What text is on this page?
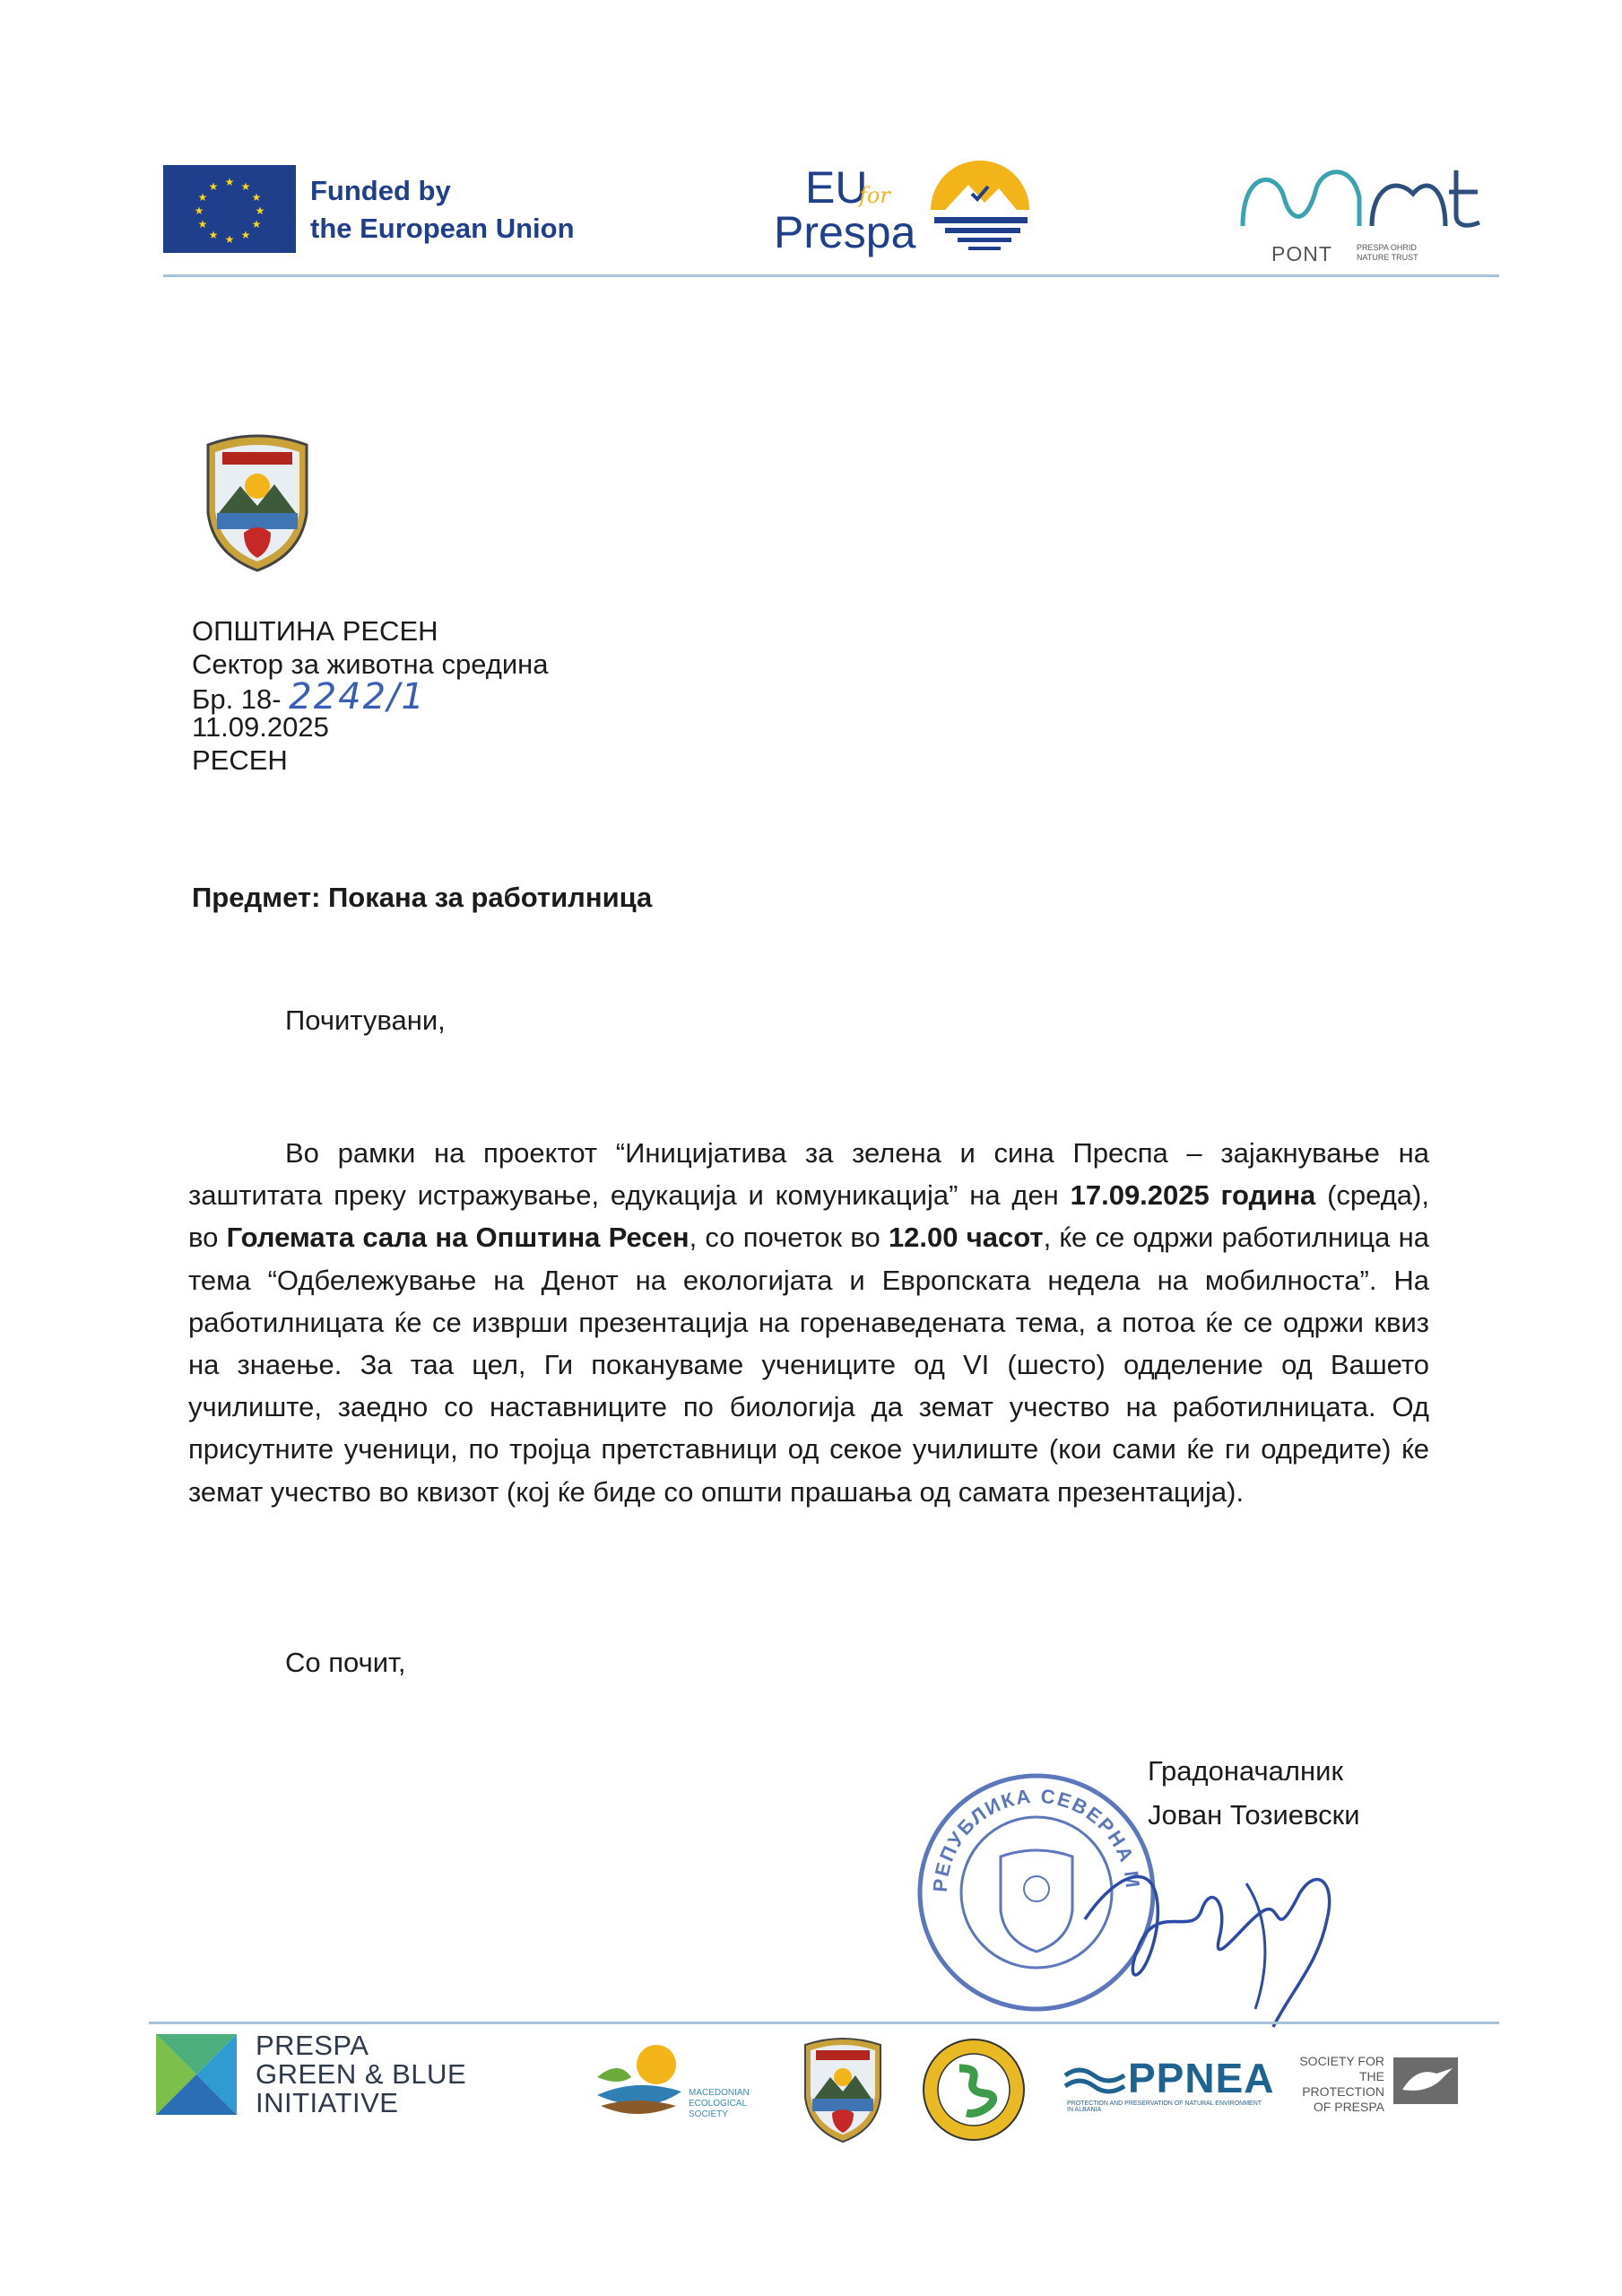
★ ★
★
★
★
★
★
★
★
★
★
★	Funded by
the European Union
EU
for
Prespa	PONT	PRESPA OHRID NATURE TRUST
ОПШТИНА РЕСЕН
Сектор за животна средина
Бр. 18- 2242/1
11.09.2025
РЕСЕН
Предмет: Покана за работилница
Почитувани,

Во рамки на проектот “Иницијатива за зелена и сина Преспа – зајакнување на заштитата преку истражување, едукација и комуникација” на ден 17.09.2025 година (среда), во Големата сала на Општина Ресен, со почеток во 12.00 часот, ќе се одржи работилница на тема “Одбележување на Денот на екологијата и Европската недела на мобилноста”. На работилницата ќе се изврши презентација на горенаведената тема, а потоа ќе се одржи квиз на знаење. За таа цел, Ги покануваме учениците од VI (шесто) одделение од Вашето училиште, заедно со наставниците по биологија да земат учество на работилницата. Од присутните ученици, по тројца претставници од секое училиште (кои сами ќе ги одредите) ќе земат учество во квизот (кој ќе биде со општи прашања од самата презентација).

Со почит,
РЕПУБЛИКА СЕВЕРНА М
Градоначалник
Јован Тозиевски
PRESPA
GREEN & BLUE
INITIATIVE	MACEDONIAN
ECOLOGICAL
SOCIETY
PPNEA
PROTECTION AND PRESERVATION OF NATURAL ENVIRONMENT IN ALBANIA
SOCIETY FOR
THE PROTECTION
OF PRESPA
